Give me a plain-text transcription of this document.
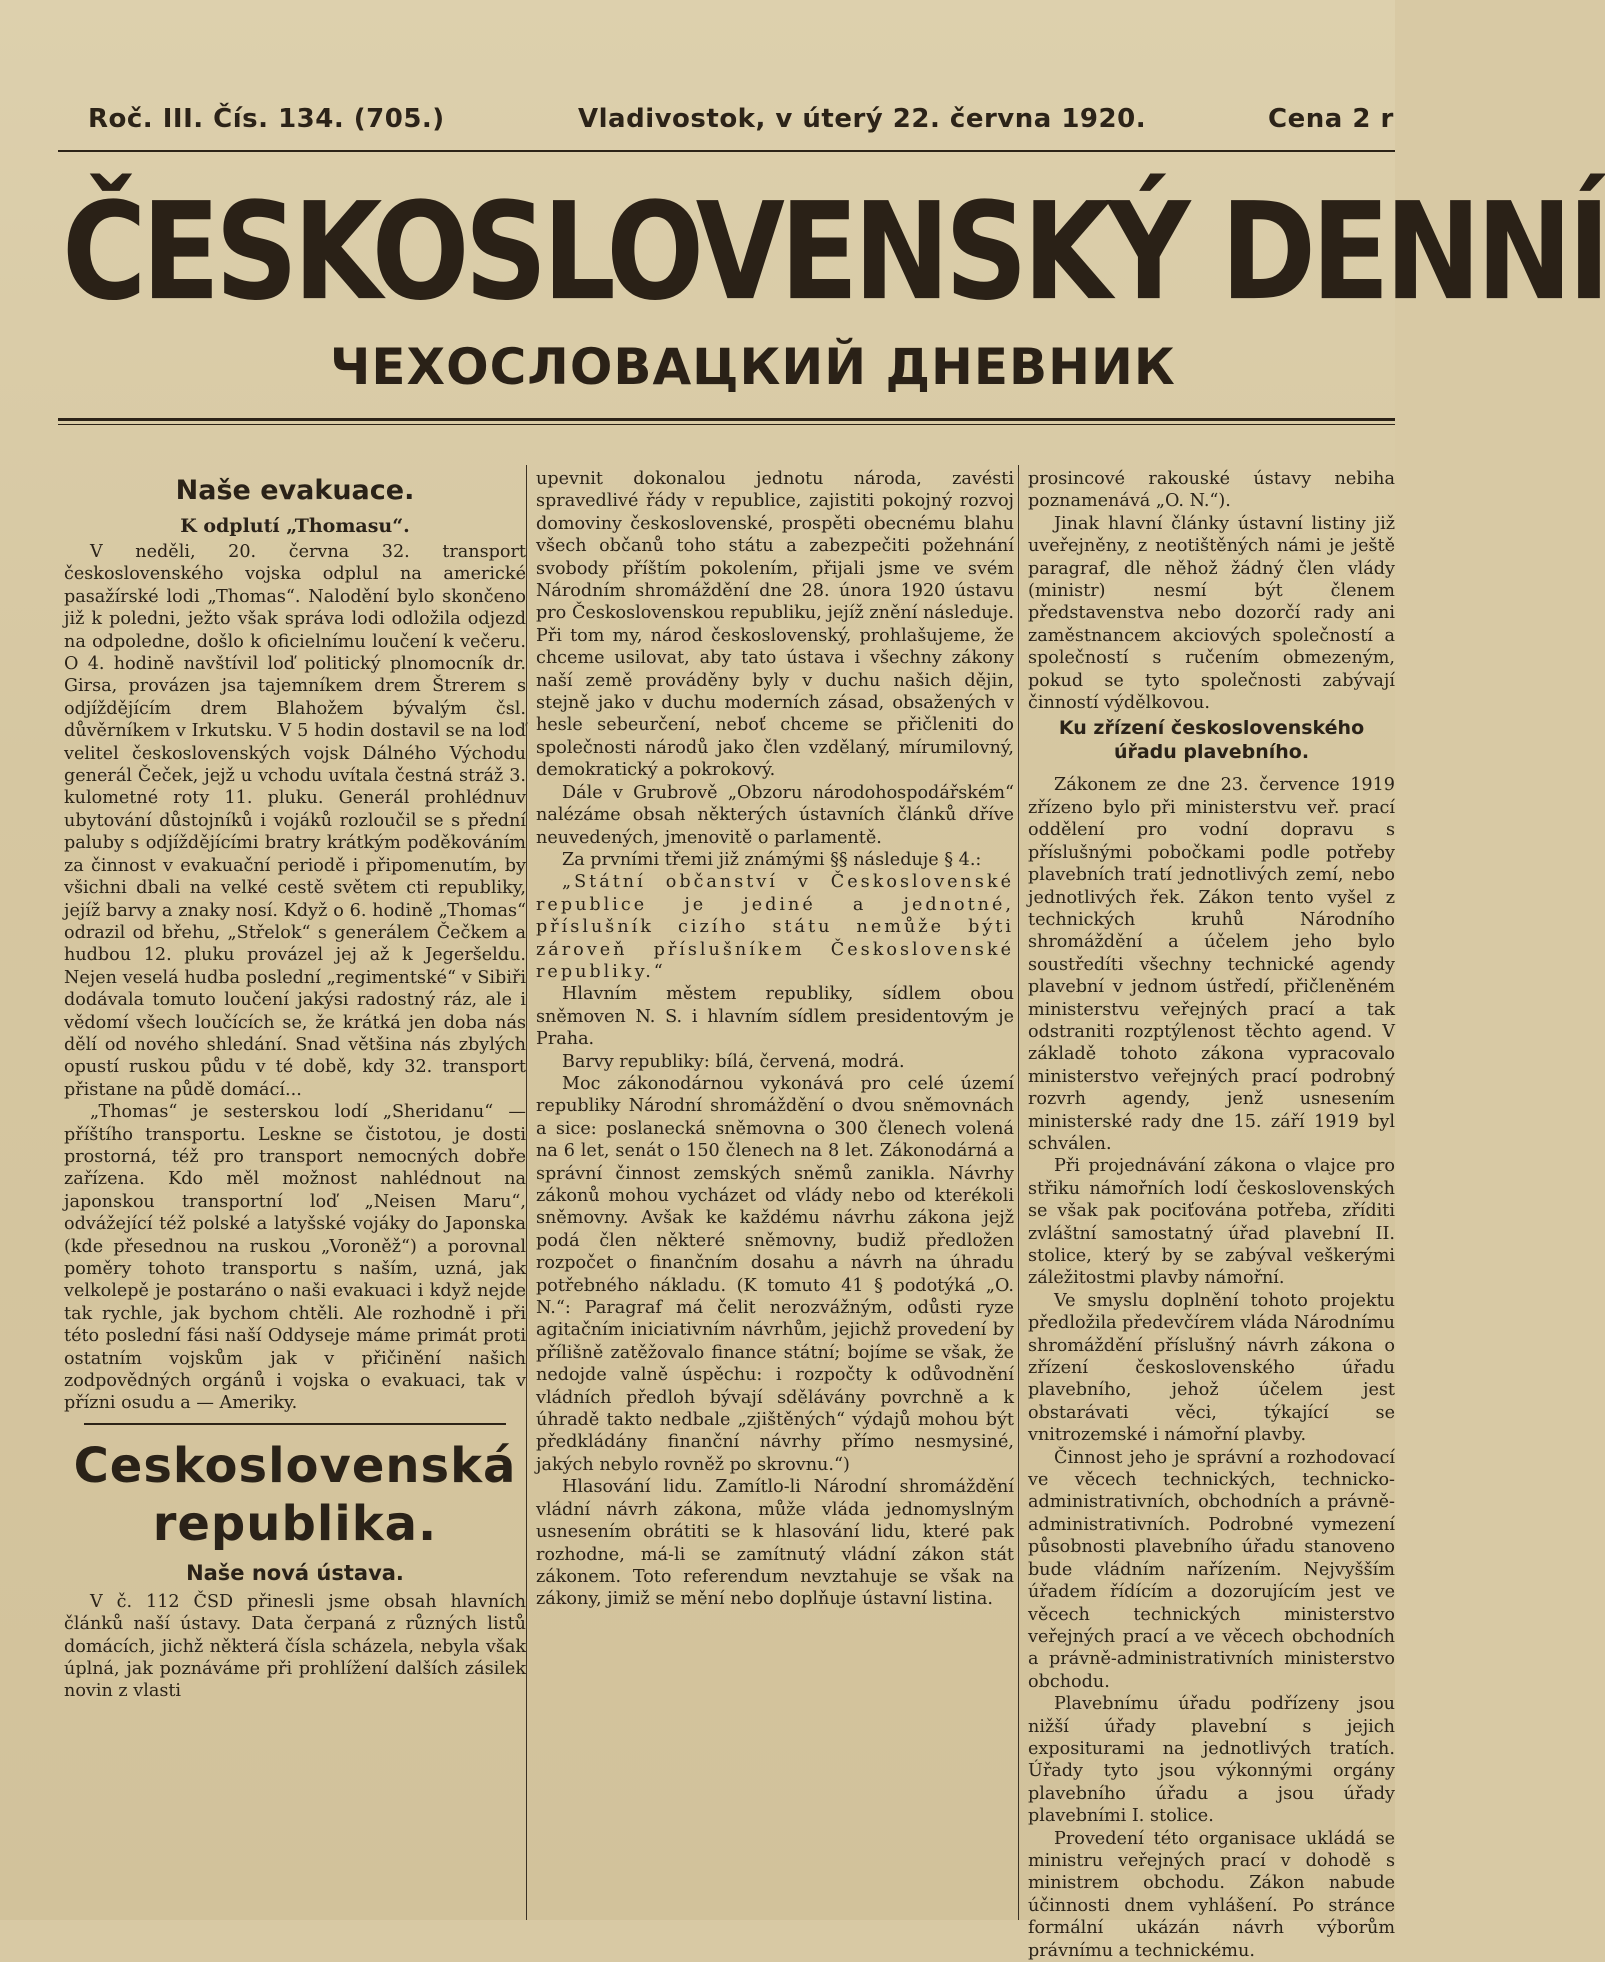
Roč. III. Čís. 134. (705.)	Vladivostok, v úterý 22. června 1920.	Cena 2 r
ČESKOSLOVENSKÝ DENNÍ
ЧЕХОСЛОВАЦКИЙ ДНЕВНИК
Naše evakuace.
K odplutí „Thomasu“.

V neděli, 20. června 32. transport československého vojska odplul na americké pasažírské lodi „Thomas“. Nalodění bylo skončeno již k poledni, ježto však správa lodi odložila odjezd na odpoledne, došlo k oficielnímu loučení k večeru. O 4. hodině navštívil loď politický plnomocník dr. Girsa, provázen jsa tajemníkem drem Štrerem s odjíždějícím drem Blahožem bývalým čsl. důvěrníkem v Irkutsku. V 5 hodin dostavil se na loď velitel československých vojsk Dálného Východu generál Čeček, jejž u vchodu uvítala čestná stráž 3. kulometné roty 11. pluku. Generál prohlédnuv ubytování důstojníků i vojáků rozloučil se s přední paluby s odjíždějícími bratry krátkým poděkováním za činnost v evakuační periodě i připomenutím, by všichni dbali na velké cestě světem cti republiky, jejíž barvy a znaky nosí. Když o 6. hodině „Thomas“ odrazil od břehu, „Střelok“ s generálem Čečkem a hudbou 12. pluku provázel jej až k Jegeršeldu. Nejen veselá hudba poslední „regimentské“ v Sibiři dodávala tomuto loučení jakýsi radostný ráz, ale i vědomí všech loučících se, že krátká jen doba nás dělí od nového shledání. Snad většina nás zbylých opustí ruskou půdu v té době, kdy 32. transport přistane na půdě domácí...

„Thomas“ je sesterskou lodí „Sheridanu“ — příštího transportu. Leskne se čistotou, je dosti prostorná, též pro transport nemocných dobře zařízena. Kdo měl možnost nahlédnout na japonskou transportní loď „Neisen Maru“, odvážející též polské a latyšské vojáky do Japonska (kde přesednou na ruskou „Voroněž“) a porovnal poměry tohoto transportu s naším, uzná, jak velkolepě je postaráno o naši evakuaci i když nejde tak rychle, jak bychom chtěli. Ale rozhodně i při této poslední fási naší Oddyseje máme primát proti ostatním vojskům jak v přičinění našich zodpovědných orgánů i vojska o evakuaci, tak v přízni osudu a — Ameriky.

Ceskoslovenská
republika.
Naše nová ústava.

V č. 112 ČSD přinesli jsme obsah hlavních článků naší ústavy. Data čerpaná z různých listů domácích, jichž některá čísla scházela, nebyla však úplná, jak poznáváme při prohlížení dalších zásilek novin z vlasti

upevnit dokonalou jednotu národa, zavésti spravedlivé řády v republice, zajistiti pokojný rozvoj domoviny československé, prospěti obecnému blahu všech občanů toho státu a zabezpečiti požehnání svobody příštím pokolením, přijali jsme ve svém Národním shromáždění dne 28. února 1920 ústavu pro Československou republiku, jejíž znění následuje. Při tom my, národ československý, prohlašujeme, že chceme usilovat, aby tato ústava i všechny zákony naší země prováděny byly v duchu našich dějin, stejně jako v duchu moderních zásad, obsažených v hesle sebeurčení, neboť chceme se přičleniti do společnosti národů jako člen vzdělaný, mírumilovný, demokratický a pokrokový.

Dále v Grubrově „Obzoru národohospodářském“ nalézáme obsah některých ústavních článků dříve neuvedených, jmenovitě o parlamentě.

Za prvními třemi již známými §§ následuje § 4.:

„Státní občanství v Československé republice je jediné a jednotné, příslušník cizího státu nemůže býti zároveň příslušníkem Československé republiky.“

Hlavním městem republiky, sídlem obou sněmoven N. S. i hlavním sídlem presidentovým je Praha.

Barvy republiky: bílá, červená, modrá.

Moc zákonodárnou vykonává pro celé území republiky Národní shromáždění o dvou sněmovnách a sice: poslanecká sněmovna o 300 členech volená na 6 let, senát o 150 členech na 8 let. Zákonodárná a správní činnost zemských sněmů zanikla. Návrhy zákonů mohou vycházet od vlády nebo od kterékoli sněmovny. Avšak ke každému návrhu zákona jejž podá člen některé sněmovny, budiž předložen rozpočet o finančním dosahu a návrh na úhradu potřebného nákladu. (K tomuto 41 § podotýká „O. N.“: Paragraf má čelit nerozvážným, odůsti ryze agitačním iniciativním návrhům, jejichž provedení by přílišně zatěžovalo finance státní; bojíme se však, že nedojde valně úspěchu: i rozpočty k odůvodnění vládních předloh bývají sdělávány povrchně a k úhradě takto nedbale „zjištěných“ výdajů mohou být předkládány finanční návrhy přímo nesmysiné, jakých nebylo rovněž po skrovnu.“)

Hlasování lidu. Zamítlo-li Národní shromáždění vládní návrh zákona, může vláda jednomyslným usnesením obrátiti se k hlasování lidu, které pak rozhodne, má-li se zamítnutý vládní zákon stát zákonem. Toto referendum nevztahuje se však na zákony, jimiž se mění nebo doplňuje ústavní listina.

prosincové rakouské ústavy nebiha poznamenává „O. N.“).

Jinak hlavní články ústavní listiny již uveřejněny, z neotištěných námi je ještě paragraf, dle něhož žádný člen vlády (ministr) nesmí být členem představenstva nebo dozorčí rady ani zaměstnancem akciových společností a společností s ručením obmezeným, pokud se tyto společnosti zabývají činností výdělkovou.

Ku zřízení československého úřadu plavebního.

Zákonem ze dne 23. července 1919 zřízeno bylo při ministerstvu veř. prací oddělení pro vodní dopravu s příslušnými pobočkami podle potřeby plavebních tratí jednotlivých zemí, nebo jednotlivých řek. Zákon tento vyšel z technických kruhů Národního shromáždění a účelem jeho bylo soustředíti všechny technické agendy plavební v jednom ústředí, přičleněném ministerstvu veřejných prací a tak odstraniti rozptýlenost těchto agend. V základě tohoto zákona vypracovalo ministerstvo veřejných prací podrobný rozvrh agendy, jenž usnesením ministerské rady dne 15. září 1919 byl schválen.

Při projednávání zákona o vlajce pro střiku námořních lodí československých se však pak pociťována potřeba, zříditi zvláštní samostatný úřad plavební II. stolice, který by se zabýval veškerými záležitostmi plavby námořní.

Ve smyslu doplnění tohoto projektu předložila předevčírem vláda Národnímu shromáždění příslušný návrh zákona o zřízení československého úřadu plavebního, jehož účelem jest obstarávati věci, týkající se vnitrozemské i námořní plavby.

Činnost jeho je správní a rozhodovací ve věcech technických, technicko-administrativních, obchodních a právně-administrativních. Podrobné vymezení působnosti plavebního úřadu stanoveno bude vládním nařízením. Nejvyšším úřadem řídícím a dozorujícím jest ve věcech technických ministerstvo veřejných prací a ve věcech obchodních a právně-administrativních ministerstvo obchodu.

Plavebnímu úřadu podřízeny jsou nižší úřady plavební s jejich expositurami na jednotlivých tratích. Úřady tyto jsou výkonnými orgány plavebního úřadu a jsou úřady plavebními I. stolice.

Provedení této organisace ukládá se ministru veřejných prací v dohodě s ministrem obchodu. Zákon nabude účinnosti dnem vyhlášení. Po stránce formální ukázán návrh výborům právnímu a technickému.
